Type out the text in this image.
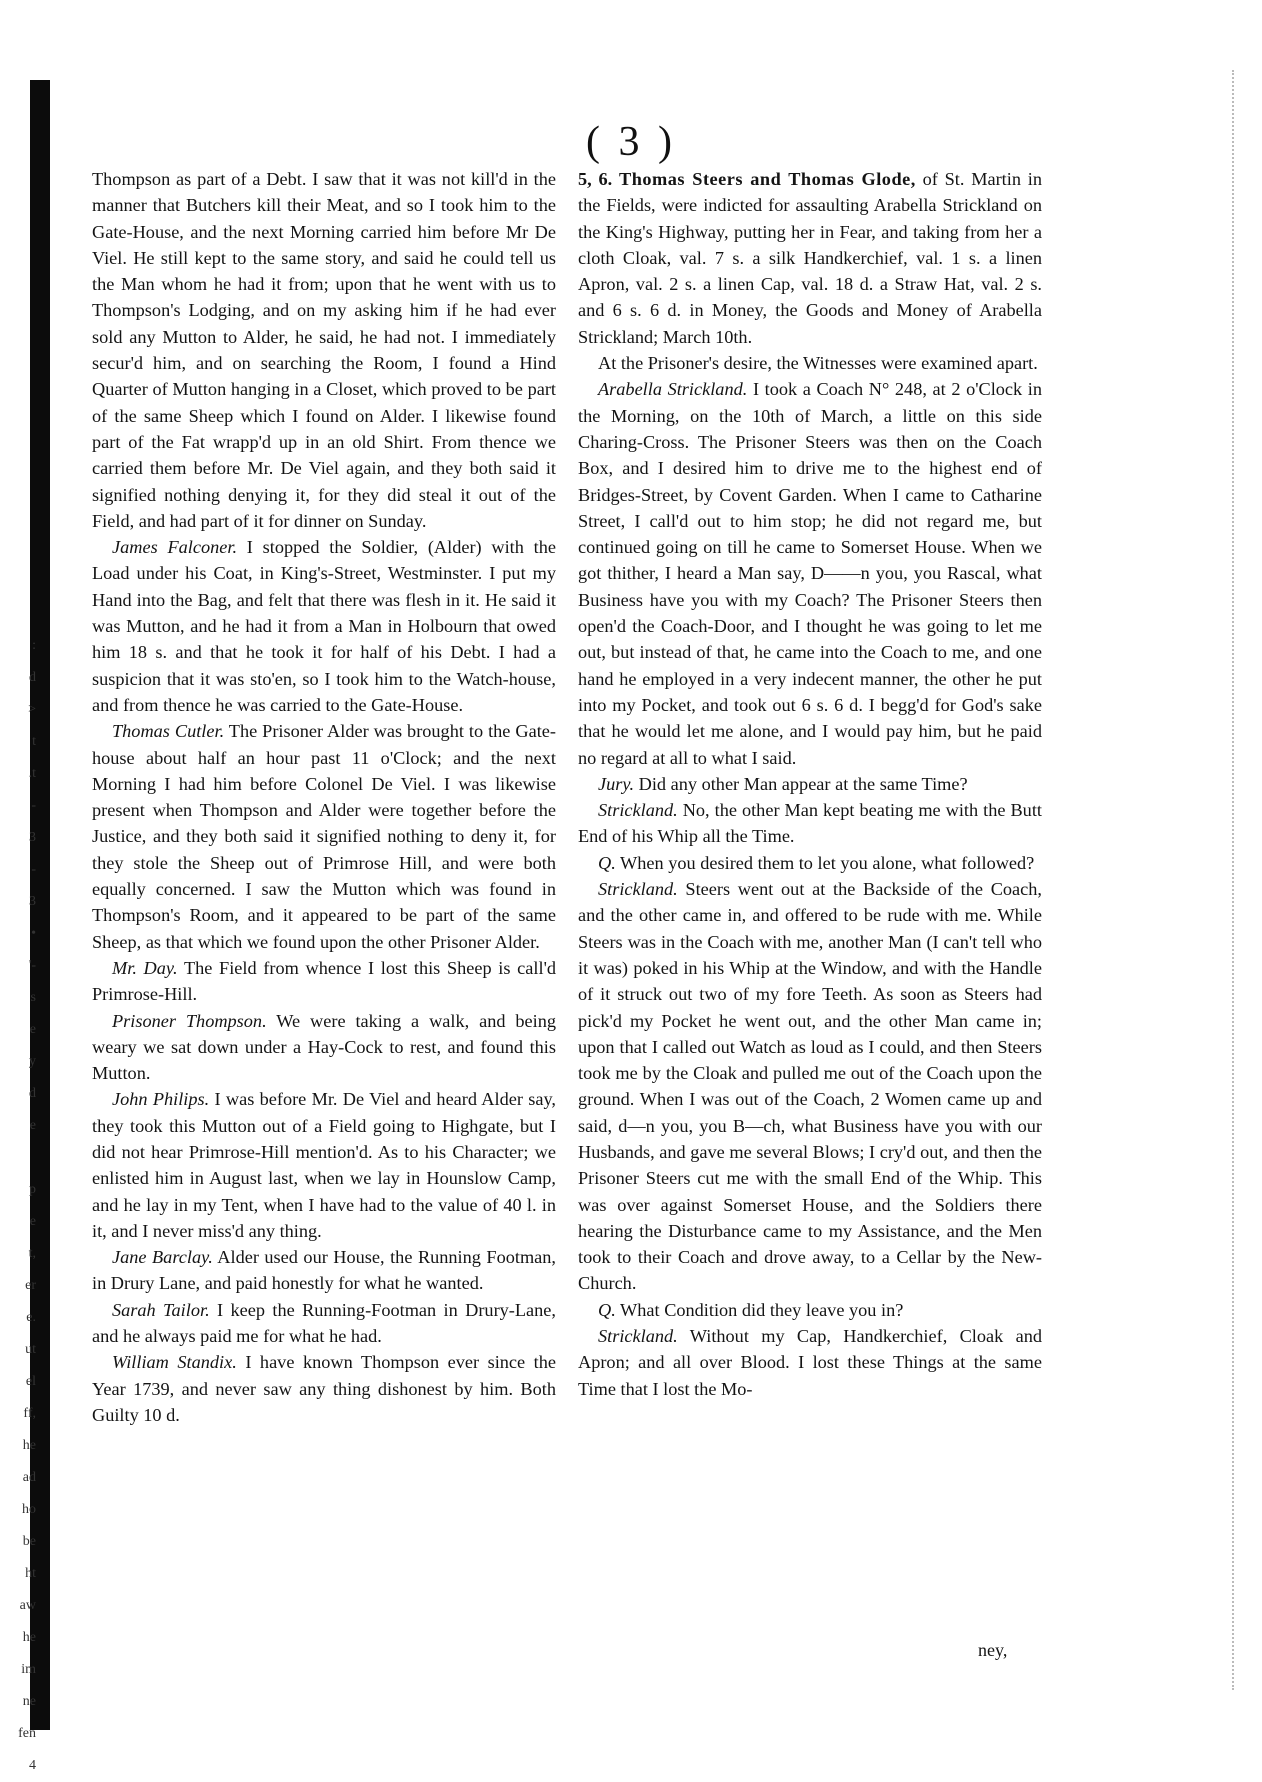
:
d
>
t
.t
-
3
-
3
•
'-
s
e
y
d
e
p
e
t,
er
e.
ut
el
ff,
he
ad
ho
be
ht
aw
he
im
ne
fen
4
( 3 )

Thompson as part of a Debt. I saw that it was not kill'd in the manner that Butchers kill their Meat, and so I took him to the Gate-House, and the next Morning carried him before Mr De Viel. He still kept to the same story, and said he could tell us the Man whom he had it from; upon that he went with us to Thompson's Lodging, and on my asking him if he had ever sold any Mutton to Alder, he said, he had not. I immediately secur'd him, and on searching the Room, I found a Hind Quarter of Mutton hanging in a Closet, which proved to be part of the same Sheep which I found on Alder. I likewise found part of the Fat wrapp'd up in an old Shirt. From thence we carried them before Mr. De Viel again, and they both said it signified nothing denying it, for they did steal it out of the Field, and had part of it for dinner on Sunday.

James Falconer. I stopped the Soldier, (Alder) with the Load under his Coat, in King's-Street, Westminster. I put my Hand into the Bag, and felt that there was flesh in it. He said it was Mutton, and he had it from a Man in Holbourn that owed him 18 s. and that he took it for half of his Debt. I had a suspicion that it was sto'en, so I took him to the Watch-house, and from thence he was carried to the Gate-House.

Thomas Cutler. The Prisoner Alder was brought to the Gate-house about half an hour past 11 o'Clock; and the next Morning I had him before Colonel De Viel. I was likewise present when Thompson and Alder were together before the Justice, and they both said it signified nothing to deny it, for they stole the Sheep out of Primrose Hill, and were both equally concerned. I saw the Mutton which was found in Thompson's Room, and it appeared to be part of the same Sheep, as that which we found upon the other Prisoner Alder.

Mr. Day. The Field from whence I lost this Sheep is call'd Primrose-Hill.

Prisoner Thompson. We were taking a walk, and being weary we sat down under a Hay-Cock to rest, and found this Mutton.

John Philips. I was before Mr. De Viel and heard Alder say, they took this Mutton out of a Field going to Highgate, but I did not hear Primrose-Hill mention'd. As to his Character; we enlisted him in August last, when we lay in Hounslow Camp, and he lay in my Tent, when I have had to the value of 40 l. in it, and I never miss'd any thing.

Jane Barclay. Alder used our House, the Running Footman, in Drury Lane, and paid honestly for what he wanted.

Sarah Tailor. I keep the Running-Footman in Drury-Lane, and he always paid me for what he had.

William Standix. I have known Thompson ever since the Year 1739, and never saw any thing dishonest by him. Both Guilty 10 d.

5, 6. Thomas Steers and Thomas Glode, of St. Martin in the Fields, were indicted for assaulting Arabella Strickland on the King's Highway, putting her in Fear, and taking from her a cloth Cloak, val. 7 s. a silk Handkerchief, val. 1 s. a linen Apron, val. 2 s. a linen Cap, val. 18 d. a Straw Hat, val. 2 s. and 6 s. 6 d. in Money, the Goods and Money of Arabella Strickland; March 10th.

At the Prisoner's desire, the Witnesses were examined apart.

Arabella Strickland. I took a Coach N° 248, at 2 o'Clock in the Morning, on the 10th of March, a little on this side Charing-Cross. The Prisoner Steers was then on the Coach Box, and I desired him to drive me to the highest end of Bridges-Street, by Covent Garden. When I came to Catharine Street, I call'd out to him stop; he did not regard me, but continued going on till he came to Somerset House. When we got thither, I heard a Man say, D——n you, you Rascal, what Business have you with my Coach? The Prisoner Steers then open'd the Coach-Door, and I thought he was going to let me out, but instead of that, he came into the Coach to me, and one hand he employed in a very indecent manner, the other he put into my Pocket, and took out 6 s. 6 d. I begg'd for God's sake that he would let me alone, and I would pay him, but he paid no regard at all to what I said.

Jury. Did any other Man appear at the same Time?

Strickland. No, the other Man kept beating me with the Butt End of his Whip all the Time.

Q. When you desired them to let you alone, what followed?

Strickland. Steers went out at the Backside of the Coach, and the other came in, and offered to be rude with me. While Steers was in the Coach with me, another Man (I can't tell who it was) poked in his Whip at the Window, and with the Handle of it struck out two of my fore Teeth. As soon as Steers had pick'd my Pocket he went out, and the other Man came in; upon that I called out Watch as loud as I could, and then Steers took me by the Cloak and pulled me out of the Coach upon the ground. When I was out of the Coach, 2 Women came up and said, d—n you, you B—ch, what Business have you with our Husbands, and gave me several Blows; I cry'd out, and then the Prisoner Steers cut me with the small End of the Whip. This was over against Somerset House, and the Soldiers there hearing the Disturbance came to my Assistance, and the Men took to their Coach and drove away, to a Cellar by the New-Church.

Q. What Condition did they leave you in?

Strickland. Without my Cap, Handkerchief, Cloak and Apron; and all over Blood. I lost these Things at the same Time that I lost the Mo-

ney,
